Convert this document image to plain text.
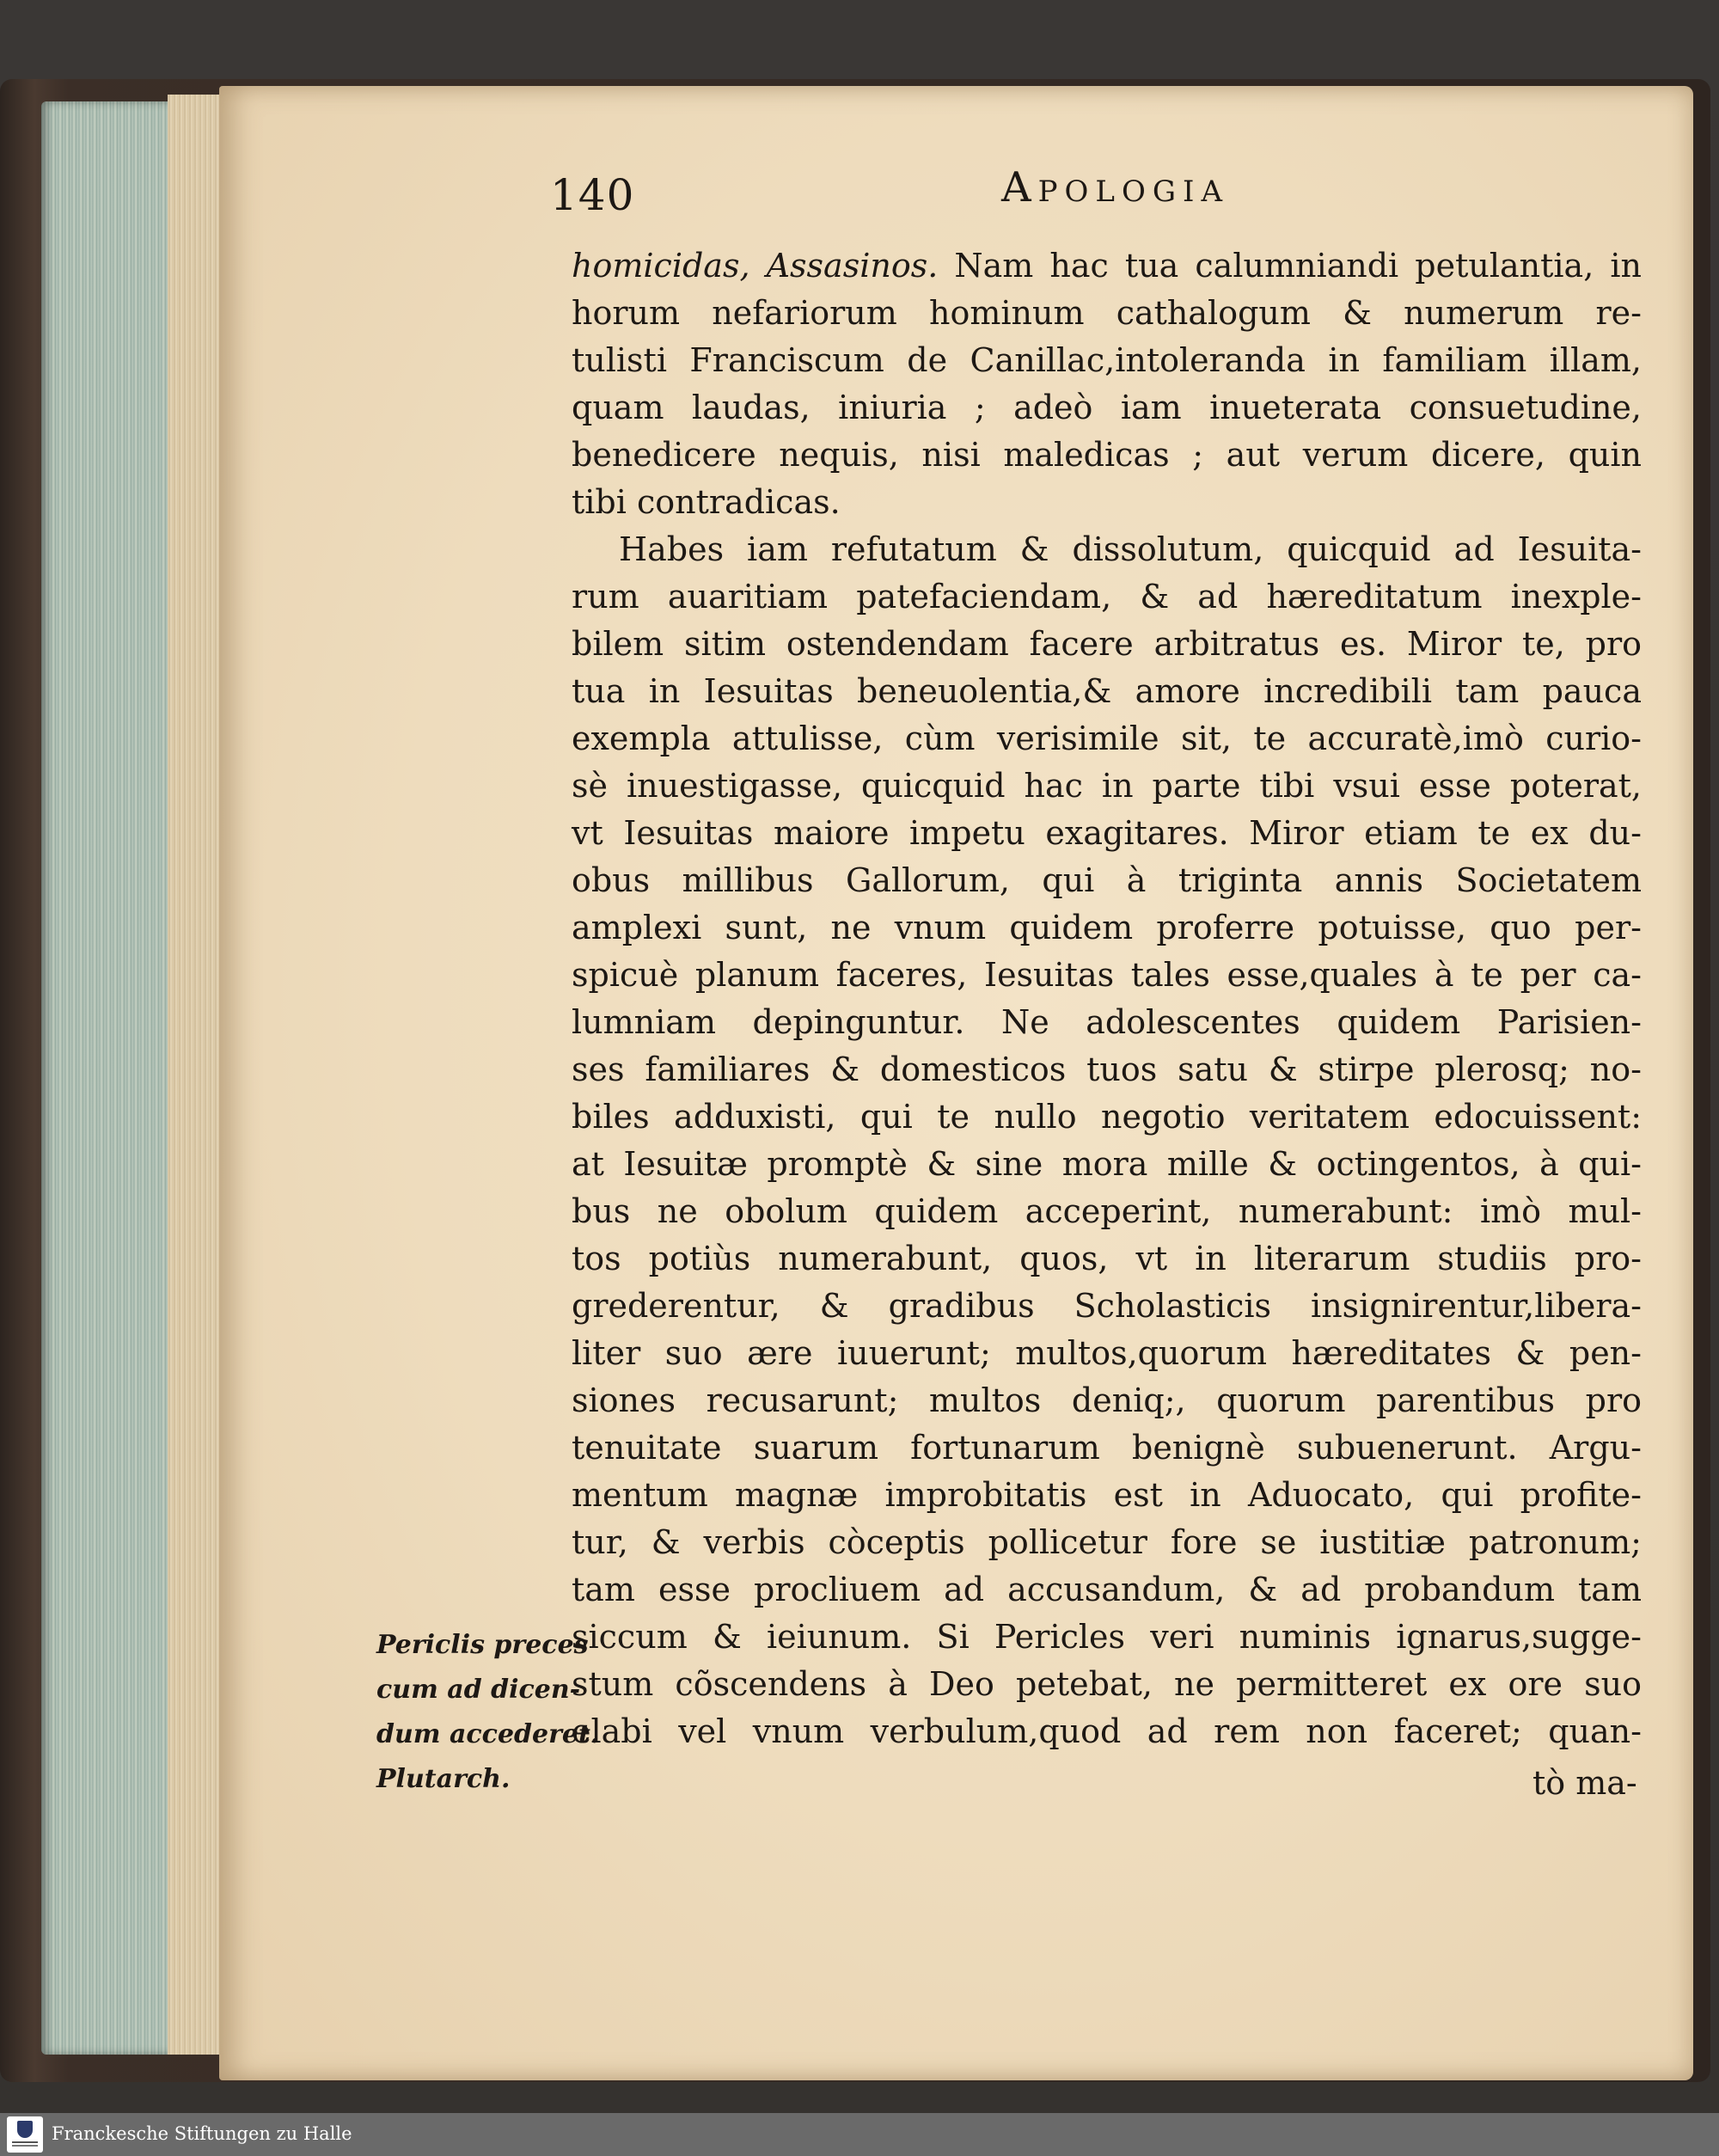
140	Apologia

homicidas, Assasinos. Nam hac tua calumniandi petulantia, in
horum nefariorum hominum cathalogum & numerum re-
tulisti Franciscum de Canillac,intoleranda in familiam illam,
quam laudas, iniuria ; adeò iam inueterata consuetudine,
benedicere nequis, nisi maledicas ; aut verum dicere, quin
tibi contradicas.
Habes iam refutatum & dissolutum, quicquid ad Iesuita-
rum auaritiam patefaciendam, & ad hæreditatum inexple-
bilem sitim ostendendam facere arbitratus es. Miror te, pro
tua in Iesuitas beneuolentia,& amore incredibili tam pauca
exempla attulisse, cùm verisimile sit, te accuratè,imò curio-
sè inuestigasse, quicquid hac in parte tibi vsui esse poterat,
vt Iesuitas maiore impetu exagitares. Miror etiam te ex du-
obus millibus Gallorum, qui à triginta annis Societatem
amplexi sunt, ne vnum quidem proferre potuisse, quo per-
spicuè planum faceres, Iesuitas tales esse,quales à te per ca-
lumniam depinguntur. Ne adolescentes quidem Parisien-
ses familiares & domesticos tuos satu & stirpe plerosq; no-
biles adduxisti, qui te nullo negotio veritatem edocuissent:
at Iesuitæ promptè & sine mora mille & octingentos, à qui-
bus ne obolum quidem acceperint, numerabunt: imò mul-
tos potiùs numerabunt, quos, vt in literarum studiis pro-
grederentur, & gradibus Scholasticis insignirentur,libera-
liter suo ære iuuerunt; multos,quorum hæreditates & pen-
siones recusarunt; multos deniq;, quorum parentibus pro
tenuitate suarum fortunarum benignè subuenerunt. Argu-
mentum magnæ improbitatis est in Aduocato, qui profite-
tur, & verbis còceptis pollicetur fore se iustitiæ patronum;
tam esse procliuem ad accusandum, & ad probandum tam
siccum & ieiunum. Si Pericles veri numinis ignarus,sugge-
stum cõscendens à Deo petebat, ne permitteret ex ore suo
elabi vel vnum verbulum,quod ad rem non faceret; quan-

tò ma-

Periclis preces
cum ad dicen-
dum accederet.
Plutarch.

Franckesche Stiftungen zu Halle
